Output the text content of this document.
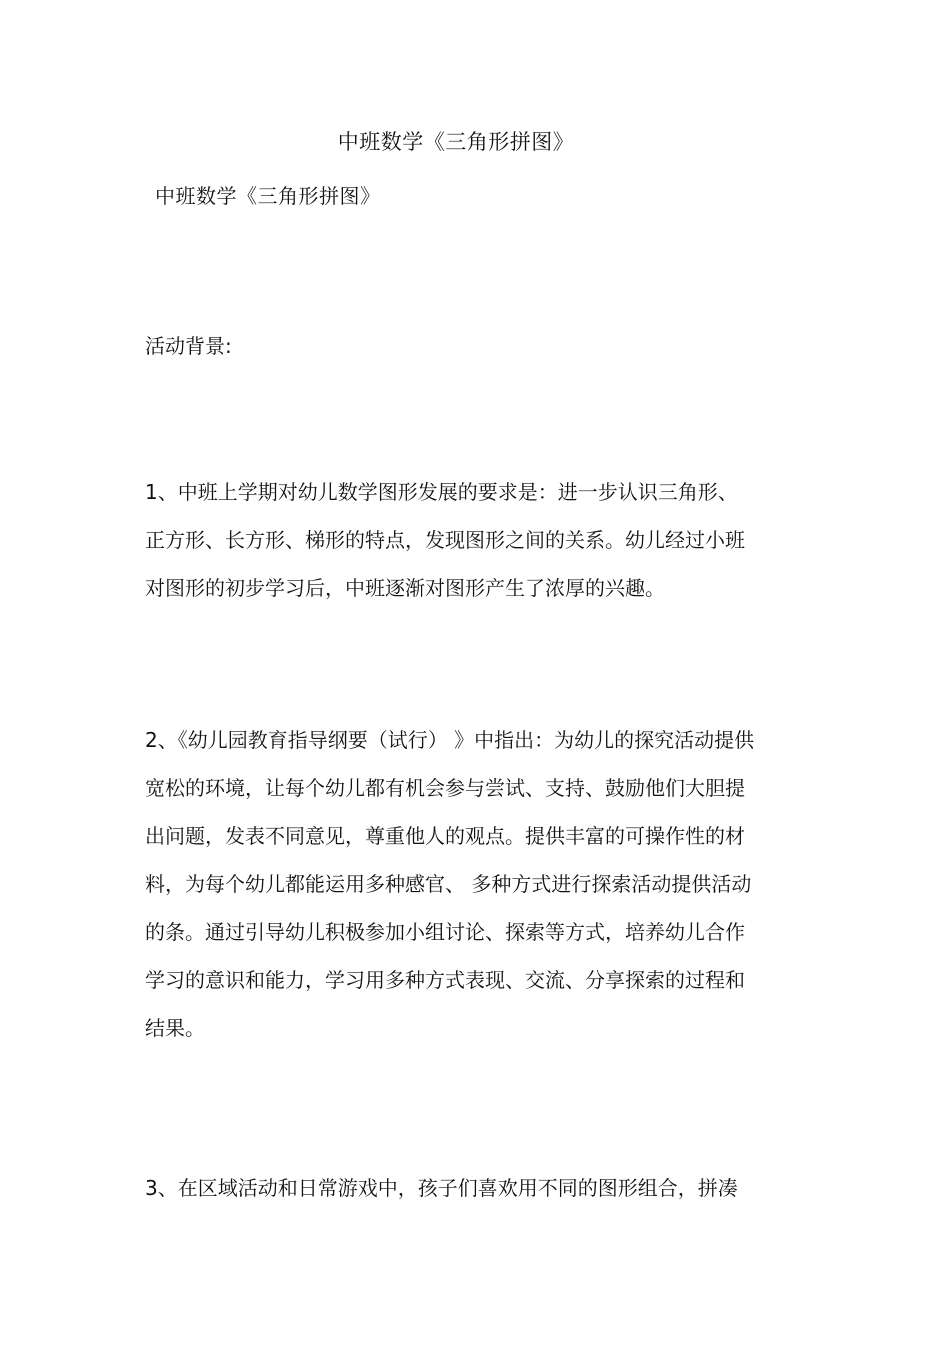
中班数学《三角形拼图》
中班数学《三角形拼图》
活动背景:

1、中班上学期对幼儿数学图形发展的要求是：进一步认识三角形、
正方形、长方形、梯形的特点，发现图形之间的关系。幼儿经过小班
对图形的初步学习后，中班逐渐对图形产生了浓厚的兴趣。

2、《幼儿园教育指导纲要（试行） 》中指出：为幼儿的探究活动提供
宽松的环境，让每个幼儿都有机会参与尝试、支持、鼓励他们大胆提
出问题，发表不同意见，尊重他人的观点。提供丰富的可操作性的材
料，为每个幼儿都能运用多种感官、 多种方式进行探索活动提供活动
的条。通过引导幼儿积极参加小组讨论、探索等方式，培养幼儿合作
学习的意识和能力，学习用多种方式表现、交流、分享探索的过程和
结果。

3、在区域活动和日常游戏中，孩子们喜欢用不同的图形组合，拼凑
